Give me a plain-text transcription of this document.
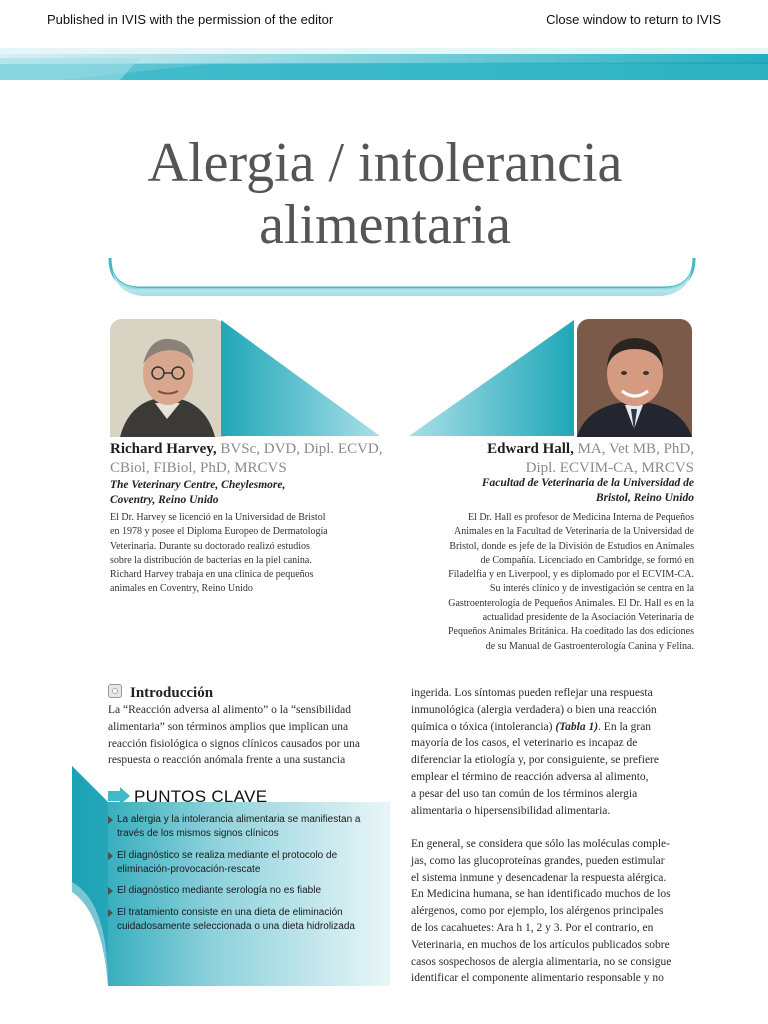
Published in IVIS with the permission of the editor	Close window to return to IVIS
Alergia / intolerancia
alimentaria
Richard Harvey, BVSc, DVD, Dipl. ECVD,
CBiol, FIBiol, PhD, MRCVS
The Veterinary Centre, Cheylesmore,
Coventry, Reino Unido
El Dr. Harvey se licenció en la Universidad de Bristol
en 1978 y posee el Diploma Europeo de Dermatología
Veterinaria. Durante su doctorado realizó estudios
sobre la distribución de bacterias en la piel canina.
Richard Harvey trabaja en una clínica de pequeños
animales en Coventry, Reino Unido
Edward Hall, MA, Vet MB, PhD,
Dipl. ECVIM-CA, MRCVS
Facultad de Veterinaria de la Universidad de
Bristol, Reino Unido
El Dr. Hall es profesor de Medicina Interna de Pequeños
Animales en la Facultad de Veterinaria de la Universidad de
Bristol, donde es jefe de la División de Estudios en Animales
de Compañía. Licenciado en Cambridge, se formó en
Filadelfia y en Liverpool, y es diplomado por el ECVIM-CA.
Su interés clínico y de investigación se centra en la
Gastroenterología de Pequeños Animales. El Dr. Hall es en la
actualidad presidente de la Asociación Veterinaria de
Pequeños Animales Británica. Ha coeditado las dos ediciones
de su Manual de Gastroenterología Canina y Felina.
Introducción
La “Reacción adversa al alimento” o la “sensibilidad
alimentaria” son términos amplios que implican una
reacción fisiológica o signos clínicos causados por una
respuesta o reacción anómala frente a una sustancia
PUNTOS CLAVE
La alergia y la intolerancia alimentaria se manifiestan a
través de los mismos signos clínicos
El diagnóstico se realiza mediante el protocolo de
eliminación-provocación-rescate
El diagnóstico mediante serología no es fiable
El tratamiento consiste en una dieta de eliminación
cuidadosamente seleccionada o una dieta hidrolizada
ingerida. Los síntomas pueden reflejar una respuesta
inmunológica (alergia verdadera) o bien una reacción
química o tóxica (intolerancia) (Tabla 1). En la gran
mayoría de los casos, el veterinario es incapaz de
diferenciar la etiología y, por consiguiente, se prefiere
emplear el término de reacción adversa al alimento,
a pesar del uso tan común de los términos alergia
alimentaria o hipersensibilidad alimentaria.
En general, se considera que sólo las moléculas comple-
jas, como las glucoproteínas grandes, pueden estimular
el sistema inmune y desencadenar la respuesta alérgica.
En Medicina humana, se han identificado muchos de los
alérgenos, como por ejemplo, los alérgenos principales
de los cacahuetes: Ara h 1, 2 y 3. Por el contrario, en
Veterinaria, en muchos de los artículos publicados sobre
casos sospechosos de alergia alimentaria, no se consigue
identificar el componente alimentario responsable y no
